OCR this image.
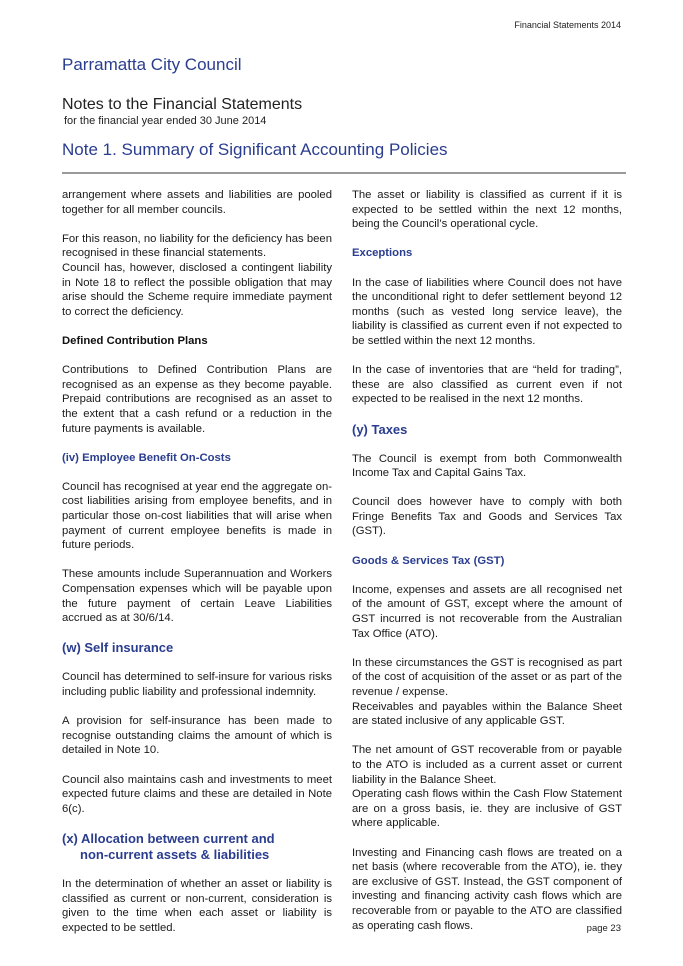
Financial Statements 2014
Parramatta City Council
Notes to the Financial Statements
for the financial year ended 30 June 2014
Note 1. Summary of Significant Accounting Policies

arrangement where assets and liabilities are pooled together for all member councils.

For this reason, no liability for the deficiency has been recognised in these financial statements.

Council has, however, disclosed a contingent liability in Note 18 to reflect the possible obligation that may arise should the Scheme require immediate payment to correct the deficiency.

Defined Contribution Plans

Contributions to Defined Contribution Plans are recognised as an expense as they become payable. Prepaid contributions are recognised as an asset to the extent that a cash refund or a reduction in the future payments is available.

(iv) Employee Benefit On-Costs

Council has recognised at year end the aggregate on-cost liabilities arising from employee benefits, and in particular those on-cost liabilities that will arise when payment of current employee benefits is made in future periods.

These amounts include Superannuation and Workers Compensation expenses which will be payable upon the future payment of certain Leave Liabilities accrued as at 30/6/14.

(w) Self insurance

Council has determined to self-insure for various risks including public liability and professional indemnity.

A provision for self-insurance has been made to recognise outstanding claims the amount of which is detailed in Note 10.

Council also maintains cash and investments to meet expected future claims and these are detailed in Note 6(c).

(x) Allocation between current and
non-current assets & liabilities

In the determination of whether an asset or liability is classified as current or non-current, consideration is given to the time when each asset or liability is expected to be settled.

The asset or liability is classified as current if it is expected to be settled within the next 12 months, being the Council’s operational cycle.

Exceptions

In the case of liabilities where Council does not have the unconditional right to defer settlement beyond 12 months (such as vested long service leave), the liability is classified as current even if not expected to be settled within the next 12 months.

In the case of inventories that are “held for trading”, these are also classified as current even if not expected to be realised in the next 12 months.

(y) Taxes

The Council is exempt from both Commonwealth Income Tax and Capital Gains Tax.

Council does however have to comply with both Fringe Benefits Tax and Goods and Services Tax (GST).

Goods & Services Tax (GST)

Income, expenses and assets are all recognised net of the amount of GST, except where the amount of GST incurred is not recoverable from the Australian Tax Office (ATO).

In these circumstances the GST is recognised as part of the cost of acquisition of the asset or as part of the revenue / expense.

Receivables and payables within the Balance Sheet are stated inclusive of any applicable GST.

The net amount of GST recoverable from or payable to the ATO is included as a current asset or current liability in the Balance Sheet.

Operating cash flows within the Cash Flow Statement are on a gross basis, ie. they are inclusive of GST where applicable.

Investing and Financing cash flows are treated on a net basis (where recoverable from the ATO), ie. they are exclusive of GST. Instead, the GST component of investing and financing activity cash flows which are recoverable from or payable to the ATO are classified as operating cash flows.	page 23
